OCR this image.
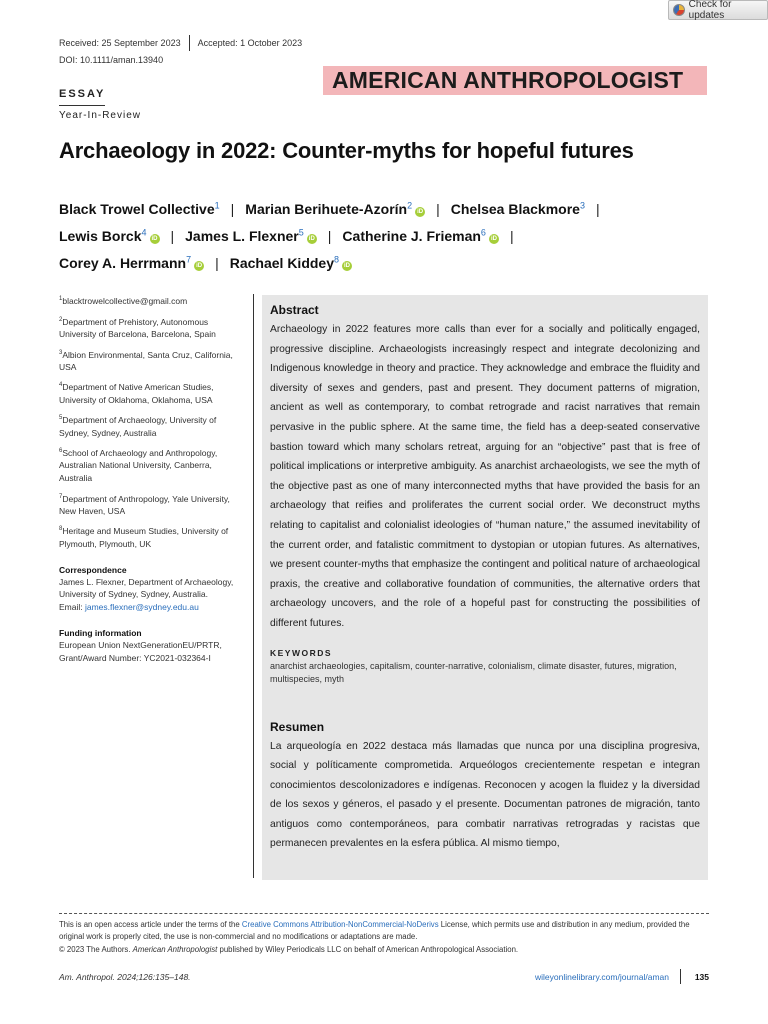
Check for updates
Received: 25 September 2023 Accepted: 1 October 2023
DOI: 10.1111/aman.13940
AMERICAN ANTHROPOLOGIST
ESSAY
Year-In-Review
Archaeology in 2022: Counter-myths for hopeful futures
Black Trowel Collective$^1$ | Marian Berihuete-Azorín$^2$iD | Chelsea Blackmore$^3$ |
Lewis Borck$^4$iD | James L. Flexner$^5$iD | Catherine J. Frieman$^6$iD |
Corey A. Herrmann$^7$iD | Rachael Kiddey$^8$iD
$^1$blacktrowelcollective@gmail.com
$^2$Department of Prehistory, Autonomous University of Barcelona, Barcelona, Spain
$^3$Albion Environmental, Santa Cruz, California, USA
$^4$Department of Native American Studies, University of Oklahoma, Oklahoma, USA
$^5$Department of Archaeology, University of Sydney, Sydney, Australia
$^6$School of Archaeology and Anthropology, Australian National University, Canberra, Australia
$^7$Department of Anthropology, Yale University, New Haven, USA
$^8$Heritage and Museum Studies, University of Plymouth, Plymouth, UK
Correspondence
James L. Flexner, Department of Archaeology, University of Sydney, Sydney, Australia.
Email: james.flexner@sydney.edu.au
Funding information
European Union NextGenerationEU/PRTR, Grant/Award Number: YC2021-032364-I
Abstract

Archaeology in 2022 features more calls than ever for a socially and politically engaged, progressive discipline. Archaeologists increasingly respect and integrate decolonizing and Indigenous knowledge in theory and practice. They acknowledge and embrace the fluidity and diversity of sexes and genders, past and present. They document patterns of migration, ancient as well as contemporary, to combat retrograde and racist narratives that remain pervasive in the public sphere. At the same time, the field has a deep-seated conservative bastion toward which many scholars retreat, arguing for an “objective” past that is free of political implications or interpretive ambiguity. As anarchist archaeologists, we see the myth of the objective past as one of many interconnected myths that have provided the basis for an archaeology that reifies and proliferates the current social order. We deconstruct myths relating to capitalist and colonialist ideologies of “human nature,” the assumed inevitability of the current order, and fatalistic commitment to dystopian or utopian futures. As alternatives, we present counter-myths that emphasize the contingent and political nature of archaeological praxis, the creative and collaborative foundation of communities, the alternative orders that archaeology uncovers, and the role of a hopeful past for constructing the possibilities of different futures.

KEYWORDS
anarchist archaeologies, capitalism, counter-narrative, colonialism, climate disaster, futures, migration, multispecies, myth
Resumen

La arqueología en 2022 destaca más llamadas que nunca por una disciplina progresiva, social y políticamente comprometida. Arqueólogos crecientemente respetan e integran conocimientos descolonizadores e indígenas. Reconocen y acogen la fluidez y la diversidad de los sexos y géneros, el pasado y el presente. Documentan patrones de migración, tanto antiguos como contemporáneos, para combatir narrativas retrogradas y racistas que permanecen prevalentes en la esfera pública. Al mismo tiempo,

This is an open access article under the terms of the Creative Commons Attribution-NonCommercial-NoDerivs License, which permits use and distribution in any medium, provided the original work is properly cited, the use is non-commercial and no modifications or adaptations are made.
© 2023 The Authors. American Anthropologist published by Wiley Periodicals LLC on behalf of American Anthropological Association.
Am. Anthropol. 2024;126:135–148.	wileyonlinelibrary.com/journal/aman	135
